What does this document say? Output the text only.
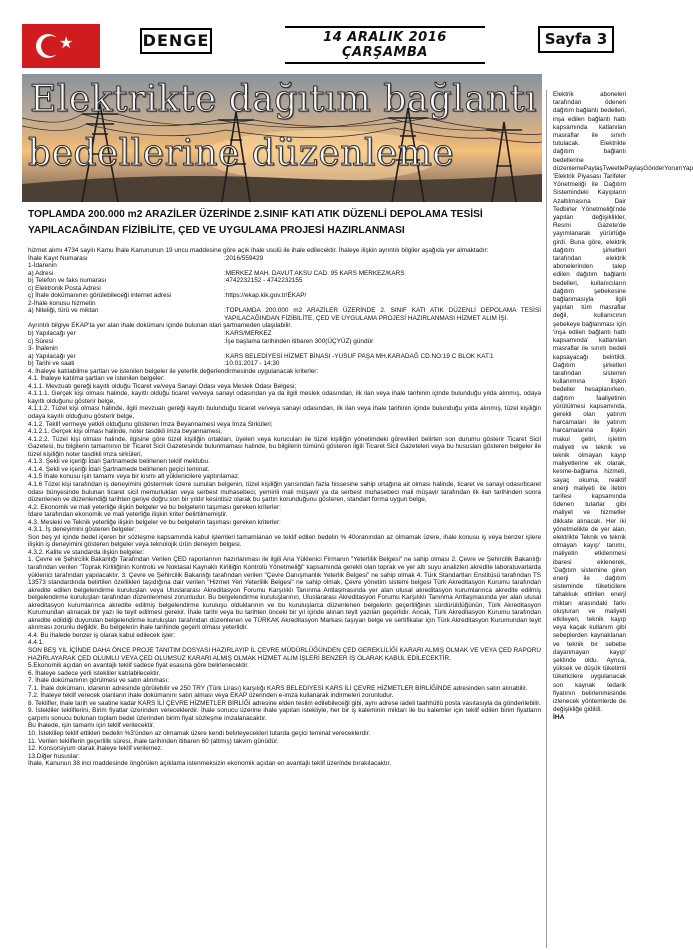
★	DENGE	14 ARALIK 2016 ÇARŞAMBA
Sayfa 3
Elektrikte dağıtım bağlantı
bedellerine düzenleme
TOPLAMDA 200.000 m2 ARAZİLER ÜZERİNDE 2.SINIF KATI ATIK DÜZENLİ DEPOLAMA TESİSİ YAPILACAĞINDAN FİZİBİLİTE, ÇED VE UYGULAMA PROJESİ HAZIRLANMASI

hizmet alımı 4734 sayılı Kamu İhale Kanununun 19 uncu maddesine göre açık ihale usulü ile ihale edilecektir. İhaleye ilişkin ayrıntılı bilgiler aşağıda yer almaktadır:

İhale Kayıt Numarası	:2016/559429
1-İdarenin
a) Adresi	:MERKEZ MAH. DAVUT AKSU CAD. 95 KARS MERKEZ/KARS
b) Telefon ve faks numarası	:4742232152 - 4742232155
c) Elektronik Posta Adresi	:
ç) İhale dokümanının görülebileceği internet adresi	:https://ekap.kik.gov.tr/EKAP/
2-İhale konusu hizmetin
a) Niteliği, türü ve miktarı	:TOPLAMDA 200.000 m2 ARAZİLER ÜZERİNDE 2. SINIF KATI ATIK DÜZENLİ DEPOLAMA TESİSİ YAPILACAĞINDAN FİZİBİLİTE, ÇED VE UYGULAMA PROJESİ HAZIRLANMASI HİZMET ALIM İŞİ.

Ayrıntılı bilgiye EKAP'ta yer alan ihale dokümanı içinde bulunan idari şartnameden ulaşılabilir.

b) Yapılacağı yer	:KARS/MERKEZ
c) Süresi	:İşe başlama tarihinden itibaren 300(ÜÇYÜZ) gündür
3- İhalenin
a) Yapılacağı yer	:KARS BELEDİYESİ HİZMET BİNASI -YUSUF PAŞA MH.KARADAĞ CD.NO:19 C BLOK KAT:1
b) Tarihi ve saati	:10.01.2017 - 14:30

4. İhaleye katılabilme şartları ve istenilen belgeler ile yeterlik değerlendirmesinde uygulanacak kriterler:

4.1. İhaleye katılma şartları ve istenilen belgeler:

4.1.1. Mevzuatı gereği kayıtlı olduğu Ticaret ve/veya Sanayi Odası veya Meslek Odası Belgesi;

4.1.1.1. Gerçek kişi olması halinde, kayıtlı olduğu ticaret ve/veya sanayi odasından ya da ilgili meslek odasından, ilk ilan veya ihale tarihinin içinde bulunduğu yılda alınmış, odaya kayıtlı olduğunu gösterir belge,

4.1.1.2. Tüzel kişi olması halinde, ilgili mevzuatı gereği kayıtlı bulunduğu ticaret ve/veya sanayi odasından, ilk ilan veya ihale tarihinin içinde bulunduğu yılda alınmış, tüzel kişiliğin odaya kayıtlı olduğunu gösterir belge,

4.1.2. Teklif vermeye yetkili olduğunu gösteren İmza Beyannamesi veya İmza Sirküleri;

4.1.2.1. Gerçek kişi olması halinde, noter tasdikli imza beyannamesi,

4.1.2.2. Tüzel kişi olması halinde, ilgisine göre tüzel kişiliğin ortakları, üyeleri veya kurucuları ile tüzel kişiliğin yönetimdeki görevlileri belirten son durumu gösterir Ticaret Sicil Gazetesi, bu bilgilerin tamamının bir Ticaret Sicil Gazetesinde bulunmaması halinde, bu bilgilerin tümünü gösteren ilgili Ticaret Sicil Gazeteleri veya bu hususları gösteren belgeler ile tüzel kişiliğin noter tasdikli imza sirküleri,

4.1.3. Şekli ve içeriği İdari Şartnamede belirlenen teklif mektubu.

4.1.4. Şekli ve içeriği İdari Şartnamede belirlenen geçici teminat.

4.1.5 İhale konusu işin tamamı veya bir kısmı alt yüklenicilere yaptırılamaz.

4.1.6 Tüzel kişi tarafından iş deneyimini göstermek üzere sunulan belgenin, tüzel kişiliğin yarısından fazla hissesine sahip ortağına ait olması halinde, ticaret ve sanayi odası/ticaret odası bünyesinde bulunan ticaret sicil memurlukları veya serbest muhasebeci, yeminli mali müşavir ya da serbest muhasebeci mali müşavir tarafından ilk ilan tarihinden sonra düzenlenen ve düzenlendiği tarihten geriye doğru son bir yıldır kesintisiz olarak bu şartın korunduğunu gösteren, standart forma uygun belge,

4.2. Ekonomik ve mali yeterliğe ilişkin belgeler ve bu belgelerin taşıması gereken kriterler:

İdare tarafından ekonomik ve mali yeterliğe ilişkin kriter belirtilmemiştir.

4.3. Mesleki ve Teknik yeterliğe ilişkin belgeler ve bu belgelerin taşıması gereken kriterler:

4.3.1. İş deneyimini gösteren belgeler:

Son beş yıl içinde bedel içeren bir sözleşme kapsamında kabul işlemleri tamamlanan ve teklif edilen bedelin % 40oranından az olmamak üzere, ihale konusu iş veya benzer işlere ilişkin iş deneyimini gösteren belgeler veya teknolojik ürün deneyim belgesi.

4.3.2. Kalite ve standarda ilişkin belgeler:

1. Çevre ve Şehircilik Bakanlığı Tarafından Verilen ÇED raporlarının hazırlanması ile ilgili Ana Yüklenici Firmanın "Yeterlilik Belgesi" ne sahip olması 2. Çevre ve Şehircilik Bakanlığı tarafından verilen "Toprak Kirliliğinin Kontrolü ve Noktasal Kaynaklı Kirliliğin Kontrolü Yönetmeliği" kapsamında gerekli olan toprak ve yer altı suyu analizleri akredite laboratuvarlarda yüklenici tarafından yapılacaktır. 3. Çevre ve Şehircilik Bakanlığı tarafından verilen "Çevre Danışmanlık Yeterlik Belgesi" ne sahip olmak 4. Türk Standartları Enstitüsü tarafından TS 13573 standardında belirtilen özellikleri taşıdığına dair verilen "Hizmet Yeri Yeterlilik Belgesi" ne sahip olmak, Çevre yönetim sistemi belgesi Türk Akreditasyon Kurumu tarafından akredite edilen belgelendirme kuruluşları veya Uluslararası Akreditasyon Forumu Karşılıklı Tanınma Antlaşmasında yer alan ulusal akreditasyon kurumlarınca akredite edilmiş belgelendirme kuruluşları tarafından düzenlenmesi zorunludur. Bu belgelendirme kuruluşlarının, Uluslararası Akreditasyon Forumu Karşılıklı Tanınma Antlaşmasında yer alan ulusal akreditasyon kurumlarınca akredite edilmiş belgelendirme kuruluşu olduklarının ve bu kuruluşlarca düzenlenen belgelerin geçerliliğinin sürdürüldüğünün, Türk Akreditasyon Kurumundan alınacak bir yazı ile teyit edilmesi gerekir. İhale tarihi veya bu tarihten önceki bir yıl içinde alınan teyit yazıları geçerlidir. Ancak, Türk Akreditasyon Kurumu tarafından akredite edildiği duyurulan belgelendirme kuruluşları tarafından düzenlenen ve TÜRKAK Akreditasyon Markası taşıyan belge ve sertifikalar için Türk Akreditasyon Kurumundan teyit alınması zorunlu değildir. Bu belgelerin ihale tarihinde geçerli olması yeterlidir.

4.4. Bu ihalede benzer iş olarak kabul edilecek işler:

4.4.1.

SON BEŞ YIL İÇİNDE DAHA ÖNCE PROJE TANITIM DOSYASI HAZIRLAYIP İL ÇEVRE MÜDÜRLÜĞÜNDEN ÇED GEREKLİLİĞİ KARARI ALMIŞ OLMAK VE VEYA ÇED RAPORU HAZIRLAYARAK ÇED OLUMLU VEYA ÇED OLUMSUZ KARARI ALMIŞ OLMAK HİZMET ALIM İŞLERİ BENZER İŞ OLARAK KABUL EDİLECEKTİR.

5.Ekonomik açıdan en avantajlı teklif sadece fiyat esasına göre belirlenecektir.

6. İhaleye sadece yerli istekliler katılabilecektir.

7. İhale dokümanının görülmesi ve satın alınması:

7.1. İhale dokümanı, idarenin adresinde görülebilir ve 250 TRY (Türk Lirası) karşılığı KARS BELEDİYESİ KARS İLİ ÇEVRE HİZMETLER BİRLİĞİNDE adresinden satın alınabilir.

7.2. İhaleye teklif verecek olanların ihale dokümanını satın alması veya EKAP üzerinden e-imza kullanarak indirmeleri zorunludur.

8. Teklifler, ihale tarih ve saatine kadar KARS İLİ ÇEVRE HİZMETLER BİRLİĞİ adresine elden teslim edilebileceği gibi, aynı adrese iadeli taahhütlü posta vasıtasıyla da gönderilebilir.

9. İstekliler tekliflerini, Birim fiyatlar üzerinden vereceklerdir. İhale sonucu üzerine ihale yapılan istekliyle, her bir iş kaleminin miktarı ile bu kalemler için teklif edilen birim fiyatların çarpımı sonucu bulunan toplam bedel üzerinden birim fiyat sözleşme imzalanacaktır.

Bu ihalede, işin tamamı için teklif verilecektir.

10. İsteklilер teklif ettikleri bedelin %3'ünden az olmamak üzere kendi belirleyecekleri tutarda geçici teminat vereceklerdir.

11. Verilen tekliflerin geçerlilik süresi, ihale tarihinden itibaren 60 (altmış) takvim günüdür.

12. Konsorsiyum olarak ihaleye teklif verilemez.

13.Diğer hususlar:

İhale, Kanunun 38 inci maddesinde öngörülen açıklama istenmeksizin ekonomik açıdan en avantajlı teklif üzerinde bırakılacaktır.

Elektrik aboneleri tarafından ödenen dağıtım bağlantı bedelleri, inşa edilen bağlantı hattı kapsamında katlanılan masraflar ile sınırlı tutulacak. Elektrikte dağıtım bağlantı bedellerine düzenlemePaylaşTweetlePaylaşGönderYorumYap 'Elektrik Piyasası Tarifeler Yönetmeliği ile Dağıtım Sistemindeki Kayıpların Azaltılmasına Dair Tedbirler Yönetmeliği'nde yapılan değişiklikler, Resmi Gazete'de yayımlanarak yürürlüğe girdi. Buna göre, elektrik dağıtım şirketleri tarafından elektrik abonelerinden talep edilen dağıtım bağlantı bedelleri, kullanıcıların dağıtım şebekesine bağlanmasıyla ilgili yapılan tüm masraflar değil, kullanıcının şebekeye bağlanması için 'inşa edilen bağlantı hattı kapsamında' katlanılan masraflar ile sınırlı bedeli kapsayacağı belirtildi. Dağıtım şirketleri tarafından sistemin kullanımına ilişkin bedeller hesaplanırken, dağıtım faaliyetinin yürütülmesi kapsamında, gerekli olan yatırım harcamaları ile yatırım harcamalarına ilişkin makul getiri, işletim maliyeti ve teknik ve teknik olmayan kayıp maliyetlerine ek olarak, kesme-bağlama hizmeti, sayaç okuma, reaktif enerji maliyeti ile iletim tarifesi kapsamında ödenen tutarlar gibi maliyet ve hizmetler dikkate alınacak. Her iki yönetmelikte de yer alan, elektrikte Teknik ve teknik olmayan kayıp' tanımı, maliyetin etkilenmesi ibaresi eklenerek, 'Dağıtım sistemine giren enerji ile dağıtım sisteminde tüketicilere tahakkuk ettirilen enerji miktarı arasındaki farkı oluşturan ve maliyeti etkileyen, teknik kayıp veya kaçak kullanım gibi sebeplerden kaynaklanan ve teknik bir sebebe dayanmayan kayıp' şeklinde oldu. Ayrıca, yüksek ve düşük tüketimli tüketicilere uygulanacak son kaynak tedarik fiyatının belirlenmesinde izlenecek yöntemlerde de değişikliğe gidildi.

İHA
